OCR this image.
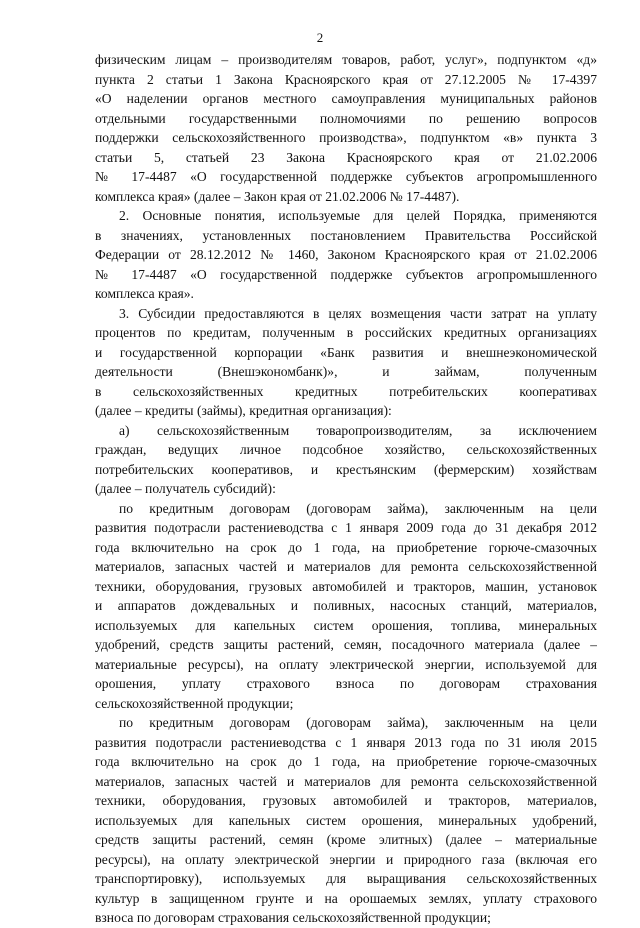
2
физическим лицам – производителям товаров, работ, услуг», подпунктом «д»
пункта 2 статьи 1 Закона Красноярского края от 27.12.2005 № 17-4397
«О наделении органов местного самоуправления муниципальных районов
отдельными государственными полномочиями по решению вопросов
поддержки сельскохозяйственного производства», подпунктом «в» пункта 3
статьи 5, статьей 23 Закона Красноярского края от 21.02.2006
№ 17-4487 «О государственной поддержке субъектов агропромышленного
комплекса края» (далее – Закон края от 21.02.2006 № 17-4487).
2. Основные понятия, используемые для целей Порядка, применяются
в значениях, установленных постановлением Правительства Российской
Федерации от 28.12.2012 № 1460, Законом Красноярского края от 21.02.2006
№ 17-4487 «О государственной поддержке субъектов агропромышленного
комплекса края».
3. Субсидии предоставляются в целях возмещения части затрат на уплату
процентов по кредитам, полученным в российских кредитных организациях
и государственной корпорации «Банк развития и внешнеэкономической
деятельности (Внешэкономбанк)», и займам, полученным
в сельскохозяйственных кредитных потребительских кооперативах
(далее – кредиты (займы), кредитная организация):
а) сельскохозяйственным товаропроизводителям, за исключением
граждан, ведущих личное подсобное хозяйство, сельскохозяйственных
потребительских кооперативов, и крестьянским (фермерским) хозяйствам
(далее – получатель субсидий):
по кредитным договорам (договорам займа), заключенным на цели
развития подотрасли растениеводства с 1 января 2009 года до 31 декабря 2012
года включительно на срок до 1 года, на приобретение горюче-смазочных
материалов, запасных частей и материалов для ремонта сельскохозяйственной
техники, оборудования, грузовых автомобилей и тракторов, машин, установок
и аппаратов дождевальных и поливных, насосных станций, материалов,
используемых для капельных систем орошения, топлива, минеральных
удобрений, средств защиты растений, семян, посадочного материала (далее –
материальные ресурсы), на оплату электрической энергии, используемой для
орошения, уплату страхового взноса по договорам страхования
сельскохозяйственной продукции;
по кредитным договорам (договорам займа), заключенным на цели
развития подотрасли растениеводства с 1 января 2013 года по 31 июля 2015
года включительно на срок до 1 года, на приобретение горюче-смазочных
материалов, запасных частей и материалов для ремонта сельскохозяйственной
техники, оборудования, грузовых автомобилей и тракторов, материалов,
используемых для капельных систем орошения, минеральных удобрений,
средств защиты растений, семян (кроме элитных) (далее – материальные
ресурсы), на оплату электрической энергии и природного газа (включая его
транспортировку), используемых для выращивания сельскохозяйственных
культур в защищенном грунте и на орошаемых землях, уплату страхового
взноса по договорам страхования сельскохозяйственной продукции;
